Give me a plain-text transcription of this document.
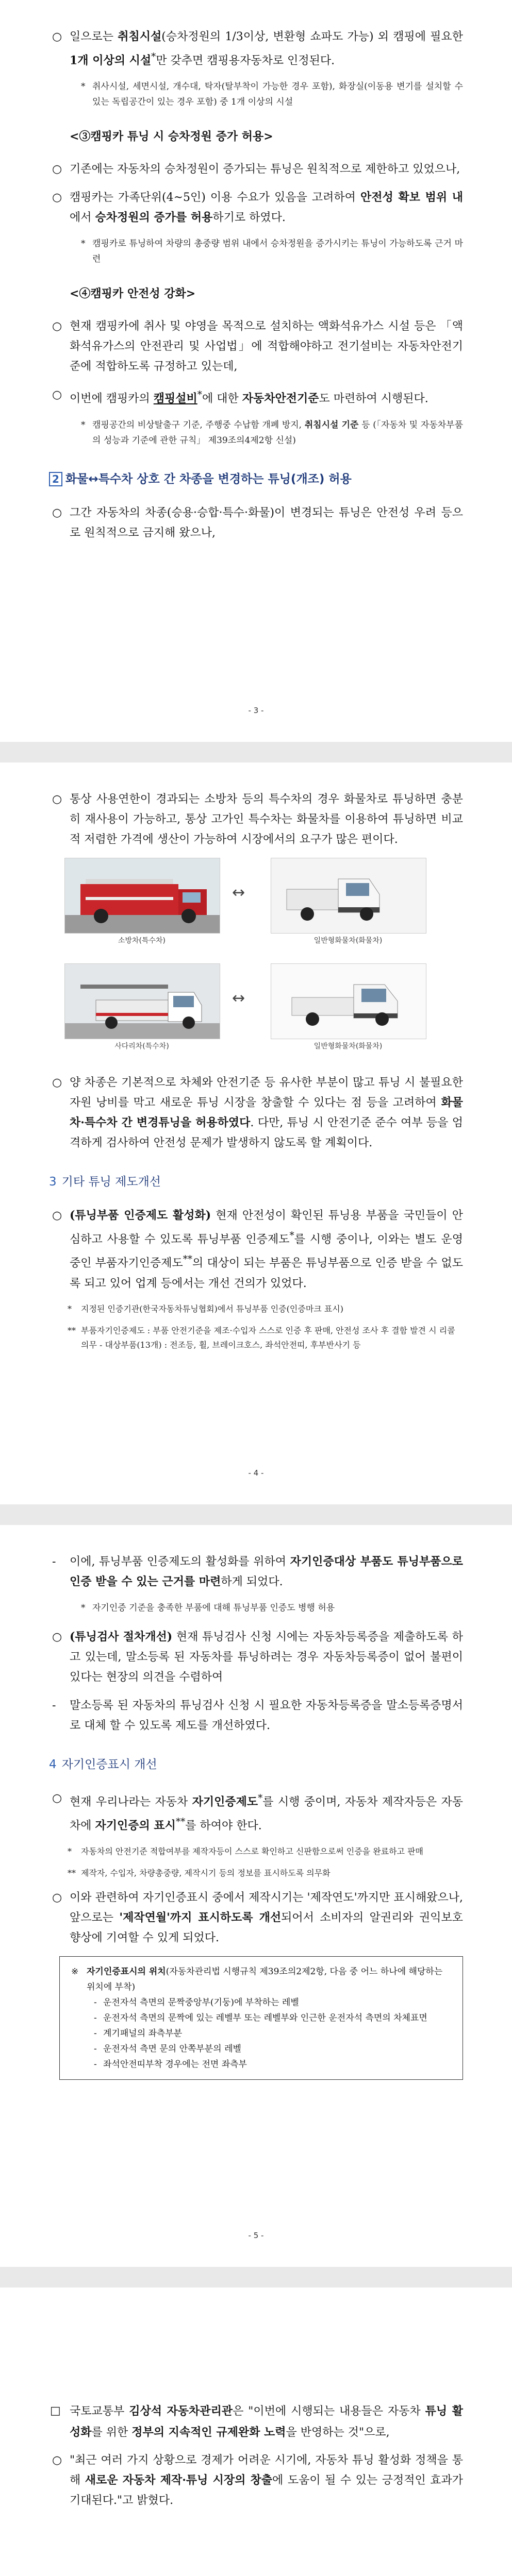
○ 일으로는 취침시설(승차정원의 1/3이상, 변환형 쇼파도 가능) 외 캠핑에 필요한 1개 이상의 시설*만 갖추면 캠핑용자동차로 인정된다.
* 취사시설, 세면시설, 개수대, 탁자(탈부착이 가능한 경우 포함), 화장실(이동용 변기를 설치할 수 있는 독립공간이 있는 경우 포함) 중 1개 이상의 시설
<③캠핑카 튜닝 시 승차정원 증가 허용>
○ 기존에는 자동차의 승차정원이 증가되는 튜닝은 원칙적으로 제한하고 있었으나,
○ 캠핑카는 가족단위(4~5인) 이용 수요가 있음을 고려하여 안전성 확보 범위 내에서 승차정원의 증가를 허용하기로 하였다.
* 캠핑카로 튜닝하여 차량의 총중량 범위 내에서 승차정원을 증가시키는 튜닝이 가능하도록 근거 마련
<④캠핑카 안전성 강화>
○ 현재 캠핑카에 취사 및 야영을 목적으로 설치하는 액화석유가스 시설 등은 「액화석유가스의 안전관리 및 사업법」에 적합해야하고 전기설비는 자동차안전기준에 적합하도록 규정하고 있는데,
○ 이번에 캠핑카의 캠핑설비*에 대한 자동차안전기준도 마련하여 시행된다.
* 캠핑공간의 비상탈출구 기준, 주행중 수납함 개폐 방지, 취침시설 기준 등 (「자동차 및 자동차부품의 성능과 기준에 관한 규칙」 제39조의4제2항 신설)
2 화물↔특수차 상호 간 차종을 변경하는 튜닝(개조) 허용
○ 그간 자동차의 차종(승용·승합·특수·화물)이 변경되는 튜닝은 안전성 우려 등으로 원칙적으로 금지해 왔으나,
- 3 -
○ 통상 사용연한이 경과되는 소방차 등의 특수차의 경우 화물차로 튜닝하면 충분히 재사용이 가능하고, 통상 고가인 특수차는 화물차를 이용하여 튜닝하면 비교적 저렴한 가격에 생산이 가능하여 시장에서의 요구가 많은 편이다.
소방차(특수차)
↔
일반형화물차(화물차)
사다리차(특수차)
↔
일반형화물차(화물차)
○ 양 차종은 기본적으로 차체와 안전기준 등 유사한 부분이 많고 튜닝 시 불필요한 자원 낭비를 막고 새로운 튜닝 시장을 창출할 수 있다는 점 등을 고려하여 화물차·특수차 간 변경튜닝을 허용하였다. 다만, 튜닝 시 안전기준 준수 여부 등을 엄격하게 검사하여 안전성 문제가 발생하지 않도록 할 계획이다.
3 기타 튜닝 제도개선
○ (튜닝부품 인증제도 활성화) 현재 안전성이 확인된 튜닝용 부품을 국민들이 안심하고 사용할 수 있도록 튜닝부품 인증제도*를 시행 중이나, 이와는 별도 운영 중인 부품자기인증제도**의 대상이 되는 부품은 튜닝부품으로 인증 받을 수 없도록 되고 있어 업계 등에서는 개선 건의가 있었다.
* 지정된 인증기관(한국자동차튜닝협회)에서 튜닝부품 인증(인증마크 표시)
** 부품자기인증제도 : 부품 안전기준을 제조·수입자 스스로 인증 후 판매, 안전성 조사 후 결함 발견 시 리콜 의무 - 대상부품(13개) : 전조등, 휠, 브레이크호스, 좌석안전띠, 후부반사기 등
- 4 -
- 이에, 튜닝부품 인증제도의 활성화를 위하여 자기인증대상 부품도 튜닝부품으로 인증 받을 수 있는 근거를 마련하게 되었다.
* 자기인증 기준을 충족한 부품에 대해 튜닝부품 인증도 병행 허용
○ (튜닝검사 절차개선) 현재 튜닝검사 신청 시에는 자동차등록증을 제출하도록 하고 있는데, 말소등록 된 자동차를 튜닝하려는 경우 자동차등록증이 없어 불편이 있다는 현장의 의견을 수렴하여
- 말소등록 된 자동차의 튜닝검사 신청 시 필요한 자동차등록증을 말소등록증명서로 대체 할 수 있도록 제도를 개선하였다.
4 자기인증표시 개선
○ 현재 우리나라는 자동차 자기인증제도*를 시행 중이며, 자동차 제작자등은 자동차에 자기인증의 표시**를 하여야 한다.
* 자동차의 안전기준 적합여부를 제작자등이 스스로 확인하고 신판함으로써 인증을 완료하고 판매
** 제작자, 수입자, 차량총중량, 제작시기 등의 정보를 표시하도록 의무화
○ 이와 관련하여 자기인증표시 중에서 제작시기는 '제작연도'까지만 표시해왔으나, 앞으로는 '제작연월'까지 표시하도록 개선되어서 소비자의 알권리와 권익보호 향상에 기여할 수 있게 되었다.
※ 자기인증표시의 위치(자동차관리법 시행규칙 제39조의2제2항, 다음 중 어느 하나에 해당하는 위치에 부착)
- 운전자석 측면의 문짝중앙부(기둥)에 부착하는 레벨
- 운전자석 측면의 문짝에 있는 레벨부 또는 레벨부와 인근한 운전자석 측면의 차체표면
- 계기패널의 좌측부분
- 운전자석 측면 문의 안쪽부분의 레벨
- 좌석안전띠부착 경우에는 전면 좌측부
- 5 -
□ 국토교통부 김상석 자동차관리관은 "이번에 시행되는 내용들은 자동차 튜닝 활성화를 위한 정부의 지속적인 규제완화 노력을 반영하는 것"으로,
○ "최근 여러 가지 상황으로 경제가 어려운 시기에, 자동차 튜닝 활성화 정책을 통해 새로운 자동차 제작·튜닝 시장의 창출에 도움이 될 수 있는 긍정적인 효과가 기대된다."고 밝혔다.
